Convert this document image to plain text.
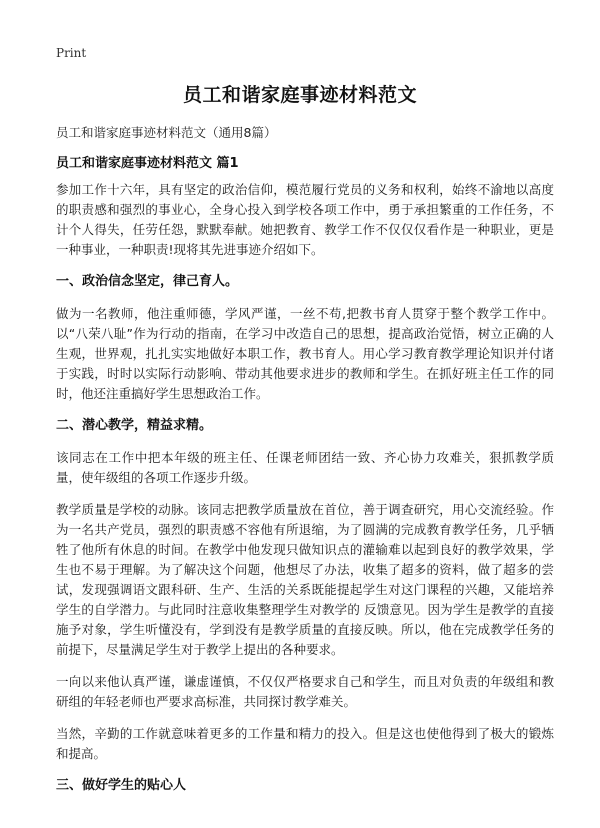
Print
员工和谐家庭事迹材料范文
员工和谐家庭事迹材料范文（通用8篇）
员工和谐家庭事迹材料范文 篇1

参加工作十六年，具有坚定的政治信仰，模范履行党员的义务和权利，始终不渝地以高度的职责感和强烈的事业心，全身心投入到学校各项工作中，勇于承担繁重的工作任务，不计个人得失，任劳任怨，默默奉献。她把教育、教学工作不仅仅仅看作是一种职业，更是一种事业，一种职责!现将其先进事迹介绍如下。

一、政治信念坚定，律己育人。

做为一名教师，他注重师德，学风严谨，一丝不苟,把教书育人贯穿于整个教学工作中。以“八荣八耻”作为行动的指南，在学习中改造自己的思想，提高政治觉悟，树立正确的人生观，世界观，扎扎实实地做好本职工作，教书育人。用心学习教育教学理论知识并付诸于实践，时时以实际行动影响、带动其他要求进步的教师和学生。在抓好班主任工作的同时，他还注重搞好学生思想政治工作。

二、潜心教学，精益求精。

该同志在工作中把本年级的班主任、任课老师团结一致、齐心协力攻难关，狠抓教学质量，使年级组的各项工作逐步升级。

教学质量是学校的动脉。该同志把教学质量放在首位，善于调查研究，用心交流经验。作为一名共产党员，强烈的职责感不容他有所退缩，为了圆满的完成教育教学任务，几乎牺牲了他所有休息的时间。在教学中他发现只做知识点的灌输难以起到良好的教学效果，学生也不易于理解。为了解决这个问题，他想尽了办法，收集了超多的资料，做了超多的尝试，发现强调语文跟科研、生产、生活的关系既能提起学生对这门课程的兴趣，又能培养学生的自学潜力。与此同时注意收集整理学生对教学的 反馈意见。因为学生是教学的直接施予对象，学生听懂没有，学到没有是教学质量的直接反映。所以，他在完成教学任务的前提下，尽量满足学生对于教学上提出的各种要求。

一向以来他认真严谨，谦虚谨慎，不仅仅严格要求自己和学生，而且对负责的年级组和教研组的年轻老师也严要求高标准，共同探讨教学难关。

当然，辛勤的工作就意味着更多的工作量和精力的投入。但是这也使他得到了极大的锻炼和提高。

三、做好学生的贴心人
